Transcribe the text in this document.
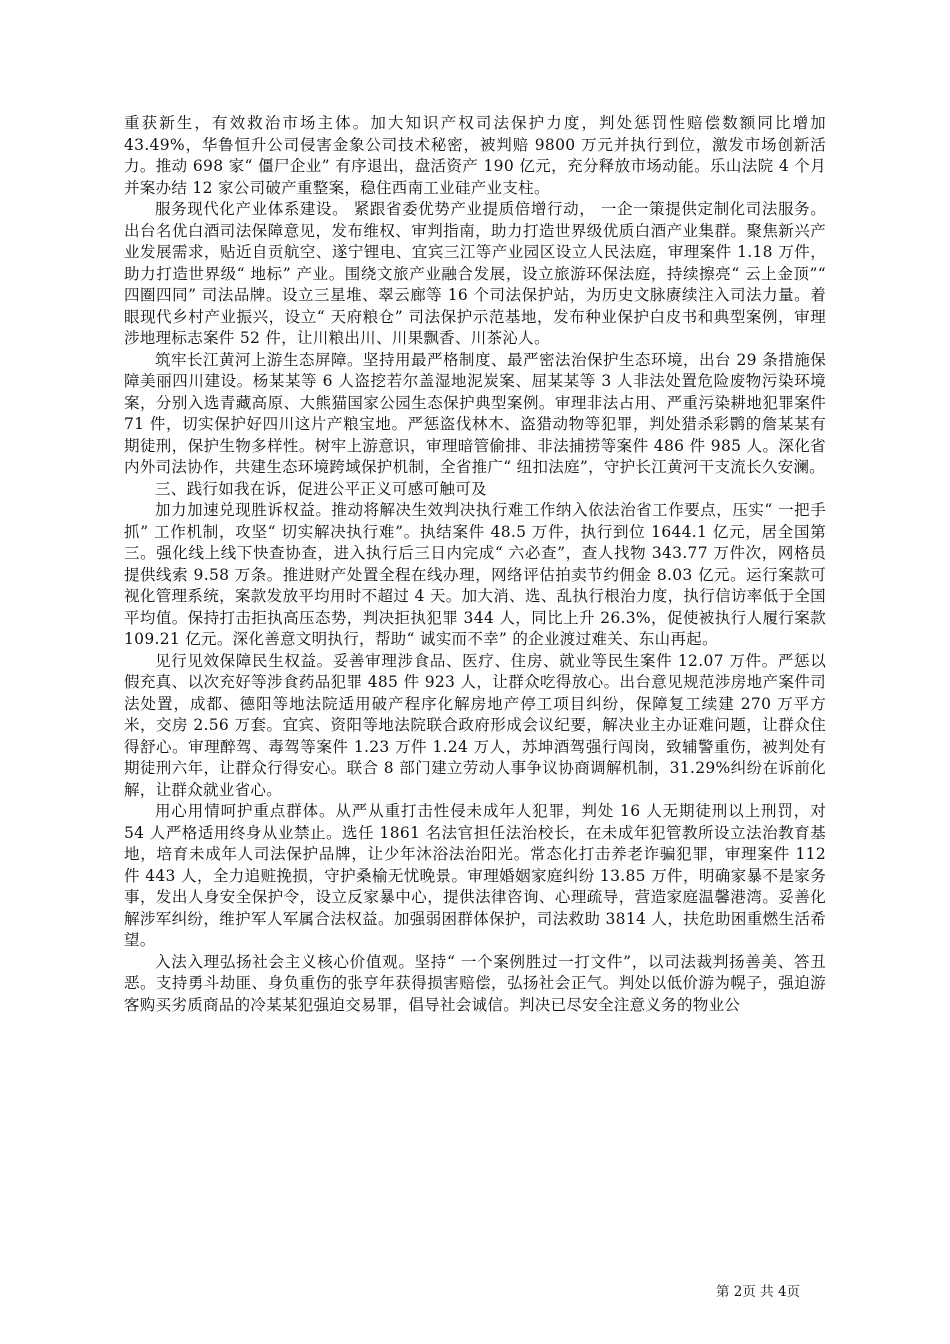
重获新生，有效救治市场主体。加大知识产权司法保护力度，判处惩罚性赔偿数额同比增加 43.49%，华鲁恒升公司侵害金象公司技术秘密，被判赔 9800 万元并执行到位，激发市场创新活力。推动 698 家“ 僵尸企业” 有序退出，盘活资产 190 亿元，充分释放市场动能。乐山法院 4 个月并案办结 12 家公司破产重整案，稳住西南工业硅产业支柱。

服务现代化产业体系建设。 紧跟省委优势产业提质倍增行动， 一企一策提供定制化司法服务。出台名优白酒司法保障意见，发布维权、审判指南，助力打造世界级优质白酒产业集群。聚焦新兴产业发展需求，贴近自贡航空、遂宁锂电、宜宾三江等产业园区设立人民法庭，审理案件 1.18 万件，助力打造世界级“ 地标” 产业。围绕文旅产业融合发展，设立旅游环保法庭，持续擦亮“ 云上金顶”“ 四圈四同” 司法品牌。设立三星堆、翠云廊等 16 个司法保护站，为历史文脉赓续注入司法力量。着眼现代乡村产业振兴，设立“ 天府粮仓” 司法保护示范基地，发布种业保护白皮书和典型案例，审理涉地理标志案件 52 件，让川粮出川、川果飘香、川茶沁人。

筑牢长江黄河上游生态屏障。坚持用最严格制度、最严密法治保护生态环境，出台 29 条措施保障美丽四川建设。杨某某等 6 人盗挖若尔盖湿地泥炭案、屈某某等 3 人非法处置危险废物污染环境案，分别入选青藏高原、大熊猫国家公园生态保护典型案例。审理非法占用、严重污染耕地犯罪案件 71 件，切实保护好四川这片产粮宝地。严惩盗伐林木、盗猎动物等犯罪，判处猎杀彩鹮的詹某某有期徒刑，保护生物多样性。树牢上游意识，审理暗管偷排、非法捕捞等案件 486 件 985 人。深化省内外司法协作，共建生态环境跨域保护机制，全省推广“ 纽扣法庭”，守护长江黄河干支流长久安澜。

三、践行如我在诉，促进公平正义可感可触可及

加力加速兑现胜诉权益。推动将解决生效判决执行难工作纳入依法治省工作要点，压实“ 一把手抓” 工作机制，攻坚“ 切实解决执行难”。执结案件 48.5 万件，执行到位 1644.1 亿元，居全国第三。强化线上线下快查协查，进入执行后三日内完成“ 六必查”，查人找物 343.77 万件次，网格员提供线索 9.58 万条。推进财产处置全程在线办理，网络评估拍卖节约佣金 8.03 亿元。运行案款可视化管理系统，案款发放平均用时不超过 4 天。加大消、选、乱执行根治力度，执行信访率低于全国平均值。保持打击拒执高压态势，判决拒执犯罪 344 人，同比上升 26.3%，促使被执行人履行案款 109.21 亿元。深化善意文明执行，帮助“ 诚实而不幸” 的企业渡过难关、东山再起。

见行见效保障民生权益。妥善审理涉食品、医疗、住房、就业等民生案件 12.07 万件。严惩以假充真、以次充好等涉食药品犯罪 485 件 923 人，让群众吃得放心。出台意见规范涉房地产案件司法处置，成都、德阳等地法院适用破产程序化解房地产停工项目纠纷，保障复工续建 270 万平方米，交房 2.56 万套。宜宾、资阳等地法院联合政府形成会议纪要，解决业主办证难问题，让群众住得舒心。审理醉驾、毒驾等案件 1.23 万件 1.24 万人，苏坤酒驾强行闯岗，致辅警重伤，被判处有期徒刑六年，让群众行得安心。联合 8 部门建立劳动人事争议协商调解机制，31.29%纠纷在诉前化解，让群众就业省心。

用心用情呵护重点群体。从严从重打击性侵未成年人犯罪，判处 16 人无期徒刑以上刑罚，对 54 人严格适用终身从业禁止。选任 1861 名法官担任法治校长，在未成年犯管教所设立法治教育基地，培育未成年人司法保护品牌，让少年沐浴法治阳光。常态化打击养老诈骗犯罪，审理案件 112 件 443 人，全力追赃挽损，守护桑榆无忧晚景。审理婚姻家庭纠纷 13.85 万件，明确家暴不是家务事，发出人身安全保护令，设立反家暴中心，提供法律咨询、心理疏导，营造家庭温馨港湾。妥善化解涉军纠纷，维护军人军属合法权益。加强弱困群体保护，司法救助 3814 人，扶危助困重燃生活希望。

入法入理弘扬社会主义核心价值观。坚持“ 一个案例胜过一打文件”，以司法裁判扬善美、答丑恶。支持勇斗劫匪、身负重伤的张亨年获得损害赔偿，弘扬社会正气。判处以低价游为幌子，强迫游客购买劣质商品的冷某某犯强迫交易罪，倡导社会诚信。判决已尽安全注意义务的物业公

第 2页 共 4页
